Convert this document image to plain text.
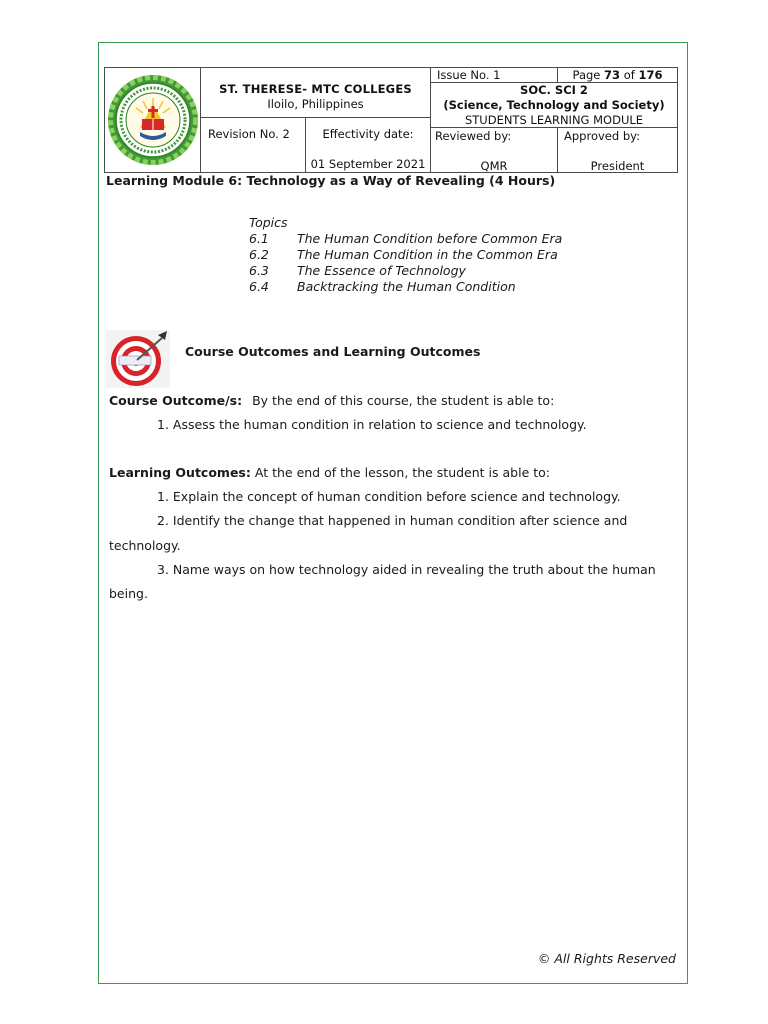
ST. THERESE- MTC COLLEGES
Iloilo, Philippines
Revision No. 2	Effectivity date:
01 September 2021
Issue No. 1	Page 73 of 176
SOC. SCI 2
(Science, Technology and Society)
STUDENTS LEARNING MODULE
Reviewed by:
QMR
Approved by:
President
Learning Module 6: Technology as a Way of Revealing (4 Hours)
Topics
6.1 The Human Condition before Common Era
6.2 The Human Condition in the Common Era
6.3 The Essence of Technology
6.4 Backtracking the Human Condition
Course Outcomes and Learning Outcomes
Course Outcome/s: By the end of this course, the student is able to:
1. Assess the human condition in relation to science and technology.
Learning Outcomes: At the end of the lesson, the student is able to:

1. Explain the concept of human condition before science and technology.

2. Identify the change that happened in human condition after science and technology.

3. Name ways on how technology aided in revealing the truth about the human being.

© All Rights Reserved
